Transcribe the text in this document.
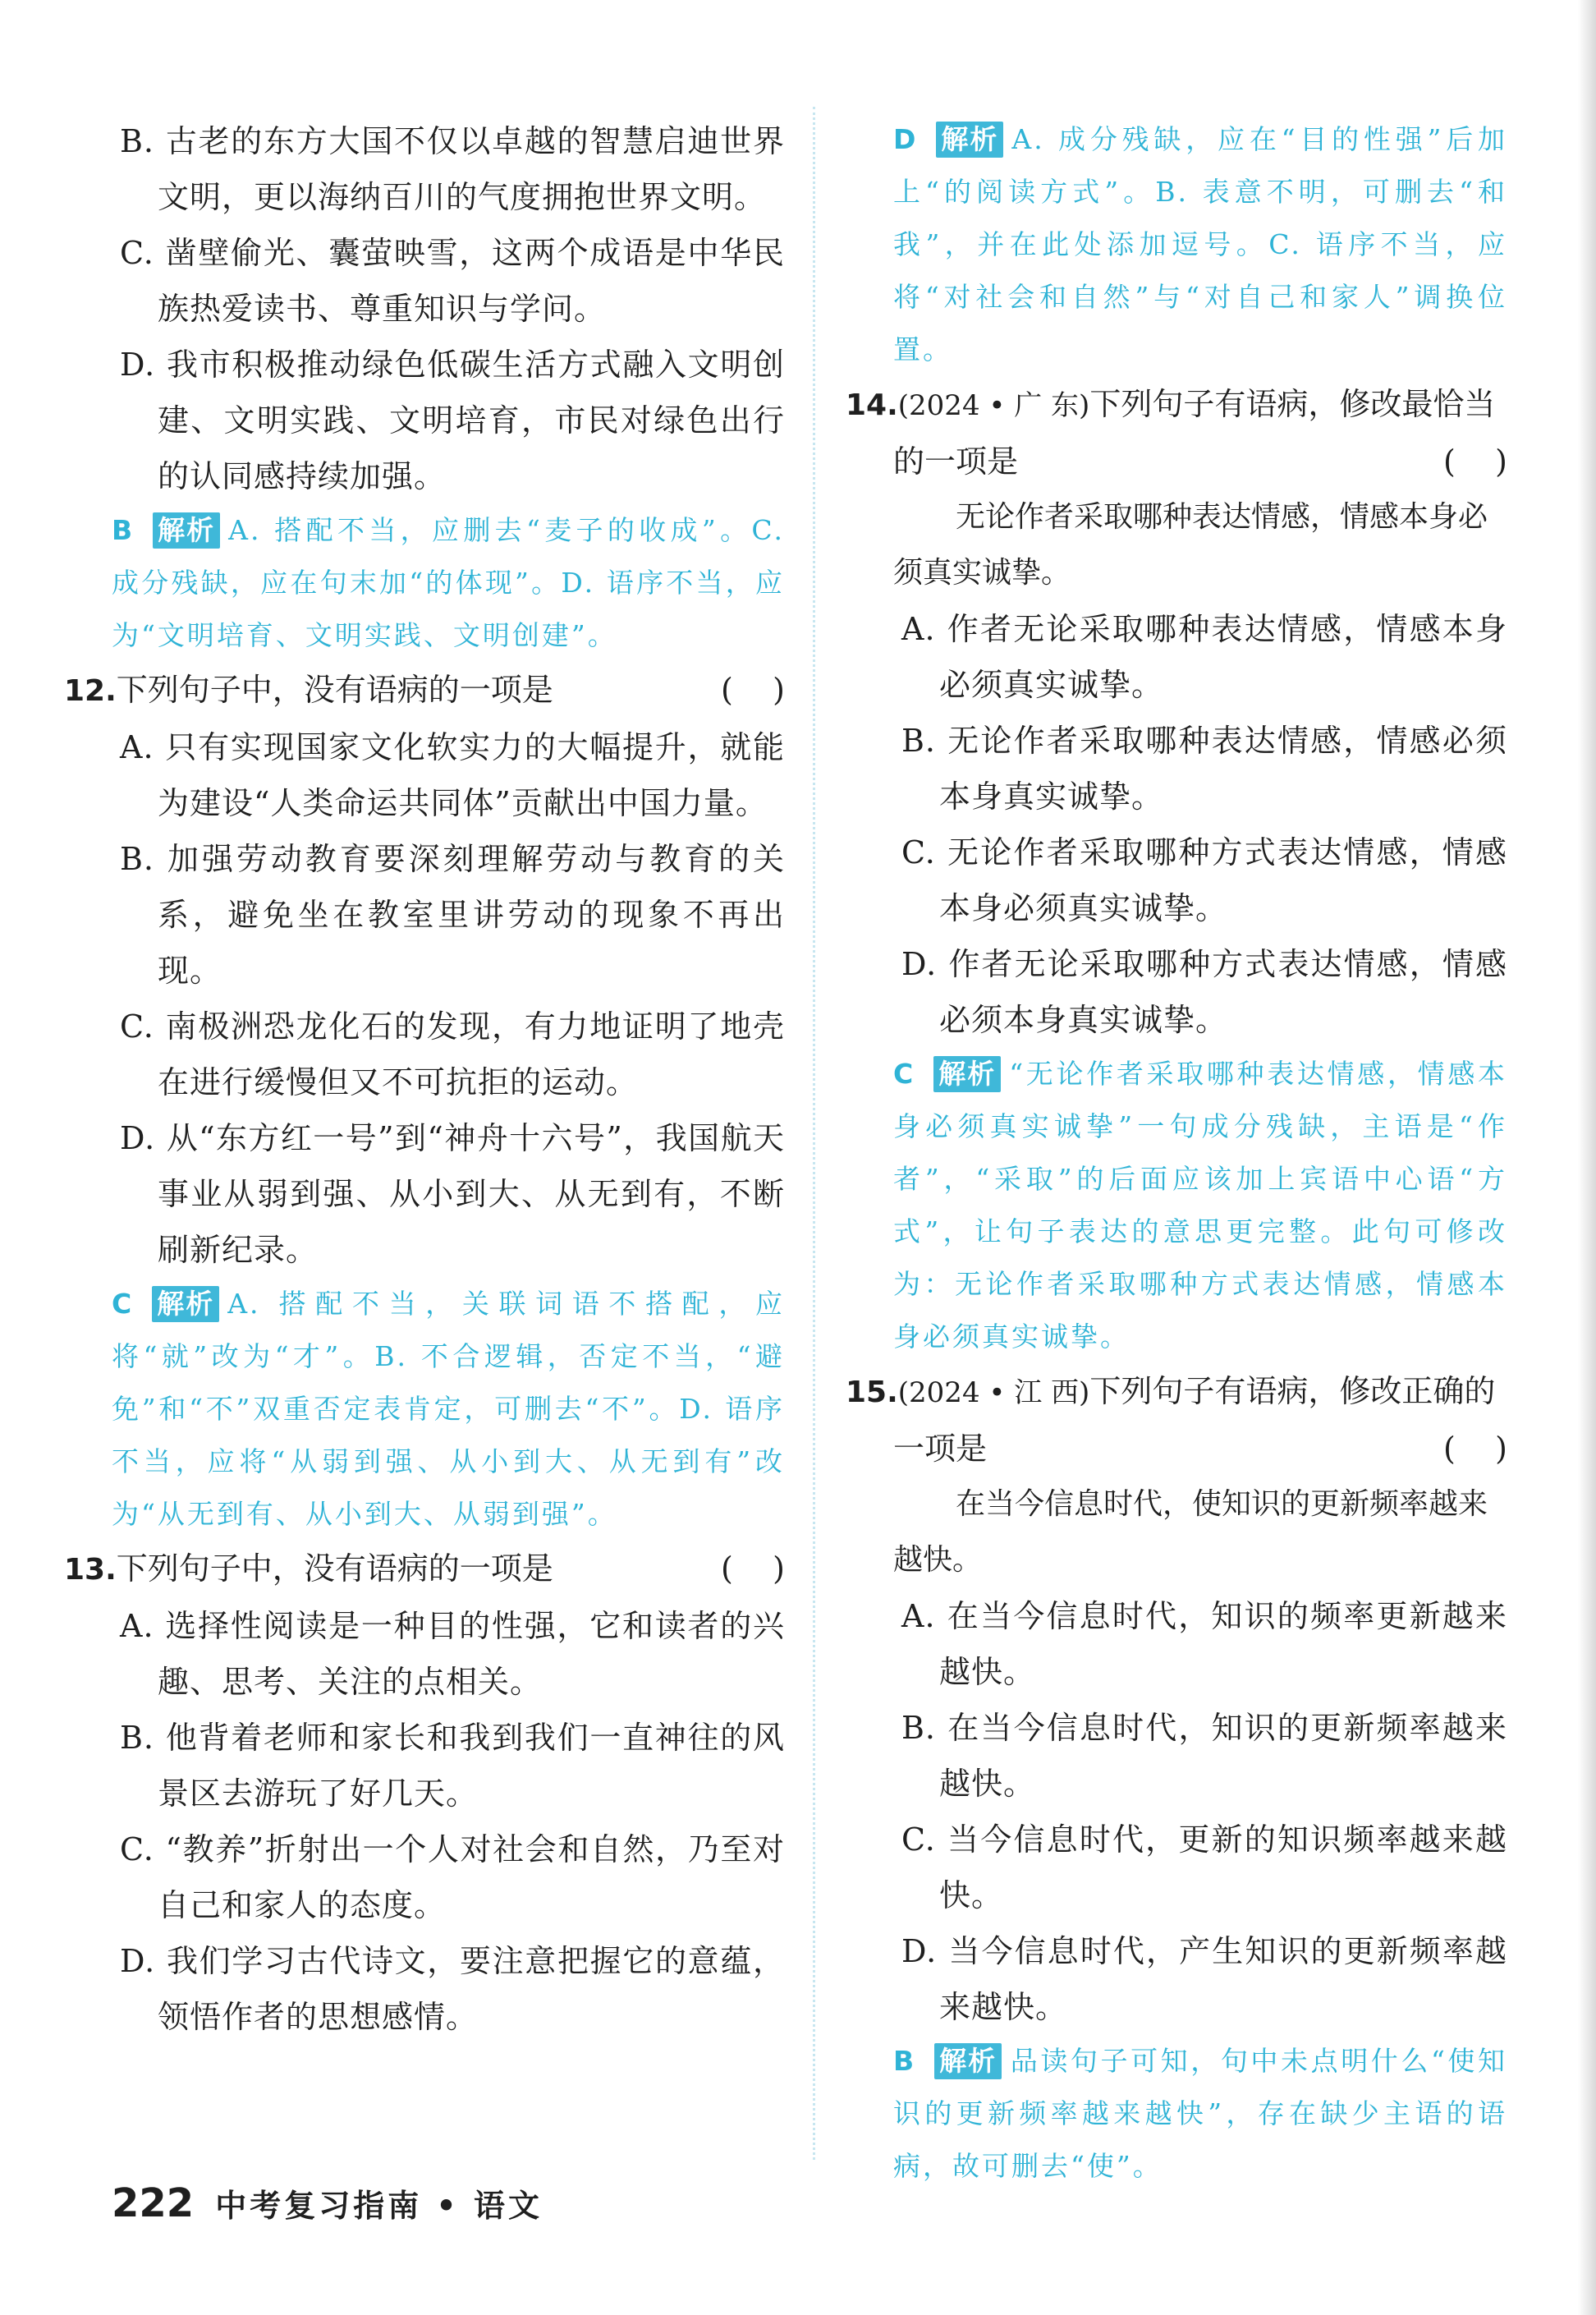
B. 古老的东方大国不仅以卓越的智慧启迪世界文明，更以海纳百川的气度拥抱世界文明。

C. 凿壁偷光、囊萤映雪，这两个成语是中华民族热爱读书、尊重知识与学问。

D. 我市积极推动绿色低碳生活方式融入文明创建、文明实践、文明培育，市民对绿色出行的认同感持续加强。

B 解析 A. 搭配不当，应删去“麦子的收成”。C. 成分残缺，应在句末加“的体现”。D. 语序不当，应为“文明培育、文明实践、文明创建”。

12.下列句子中，没有语病的一项是	(    )

A. 只有实现国家文化软实力的大幅提升，就能为建设“人类命运共同体”贡献出中国力量。

B. 加强劳动教育要深刻理解劳动与教育的关系，避免坐在教室里讲劳动的现象不再出现。

C. 南极洲恐龙化石的发现，有力地证明了地壳在进行缓慢但又不可抗拒的运动。

D. 从“东方红一号”到“神舟十六号”，我国航天事业从弱到强、从小到大、从无到有，不断刷新纪录。

C 解析 A. 搭配不当，关联词语不搭配，应将“就”改为“才”。B. 不合逻辑，否定不当，“避免”和“不”双重否定表肯定，可删去“不”。D. 语序不当，应将“从弱到强、从小到大、从无到有”改为“从无到有、从小到大、从弱到强”。

13.下列句子中，没有语病的一项是	(    )

A. 选择性阅读是一种目的性强，它和读者的兴趣、思考、关注的点相关。

B. 他背着老师和家长和我到我们一直神往的风景区去游玩了好几天。

C. “教养”折射出一个人对社会和自然，乃至对自己和家人的态度。

D. 我们学习古代诗文，要注意把握它的意蕴，领悟作者的思想感情。

D 解析 A. 成分残缺，应在“目的性强”后加上“的阅读方式”。B. 表意不明，可删去“和我”，并在此处添加逗号。C. 语序不当，应将“对社会和自然”与“对自己和家人”调换位置。

14.(2024 • 广 东)下列句子有语病，修改最恰当
的一项是	(    )

无论作者采取哪种表达情感，情感本身必须真实诚挚。

A. 作者无论采取哪种表达情感，情感本身必须真实诚挚。

B. 无论作者采取哪种表达情感，情感必须本身真实诚挚。

C. 无论作者采取哪种方式表达情感，情感本身必须真实诚挚。

D. 作者无论采取哪种方式表达情感，情感必须本身真实诚挚。

C 解析 “无论作者采取哪种表达情感，情感本身必须真实诚挚”一句成分残缺，主语是“作者”，“采取”的后面应该加上宾语中心语“方式”，让句子表达的意思更完整。此句可修改为：无论作者采取哪种方式表达情感，情感本身必须真实诚挚。

15.(2024 • 江 西)下列句子有语病，修改正确的
一项是	(    )

在当今信息时代，使知识的更新频率越来越快。

A. 在当今信息时代，知识的频率更新越来越快。

B. 在当今信息时代，知识的更新频率越来越快。

C. 当今信息时代，更新的知识频率越来越快。

D. 当今信息时代，产生知识的更新频率越来越快。

B 解析 品读句子可知，句中未点明什么“使知识的更新频率越来越快”，存在缺少主语的语病，故可删去“使”。

222 中考复习指南 • 语文
